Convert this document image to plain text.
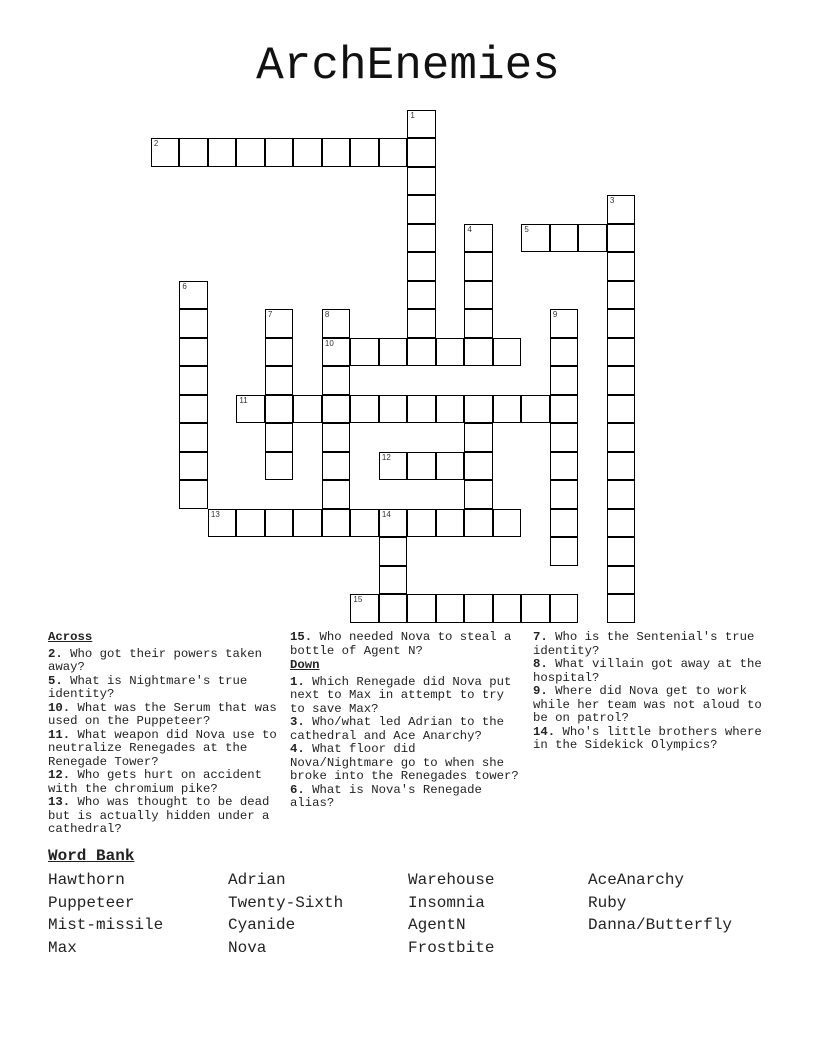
ArchEnemies
1
2
3
4	5
6
7	8	9
10
11
12
13	14
15
Across

2. Who got their powers taken away?

5. What is Nightmare's true identity?

10. What was the Serum that was used on the Puppeteer?

11. What weapon did Nova use to neutralize Renegades at the Renegade Tower?

12. Who gets hurt on accident with the chromium pike?

13. Who was thought to be dead but is actually hidden under a cathedral?

15. Who needed Nova to steal a bottle of Agent N?

Down

1. Which Renegade did Nova put next to Max in attempt to try to save Max?

3. Who/what led Adrian to the cathedral and Ace Anarchy?

4. What floor did Nova/Nightmare go to when she broke into the Renegades tower?

6. What is Nova's Renegade alias?

7. Who is the Sentenial's true identity?

8. What villain got away at the hospital?

9. Where did Nova get to work while her team was not aloud to be on patrol?

14. Who's little brothers where in the Sidekick Olympics?

Word Bank
Hawthorn
Puppeteer
Mist-missile
Max
Adrian
Twenty-Sixth
Cyanide
Nova
Warehouse
Insomnia
AgentN
Frostbite
AceAnarchy
Ruby
Danna/Butterfly
